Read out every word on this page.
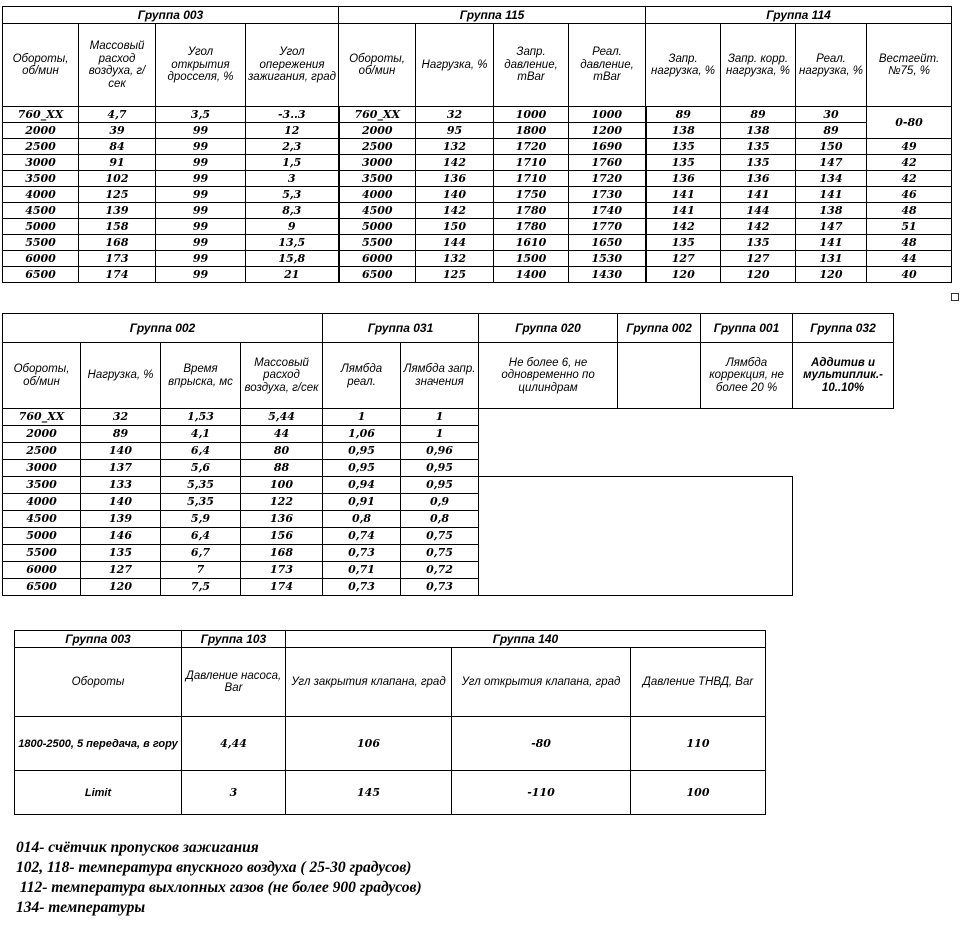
Группа 003				Группа 115				Группа 114			
Обороты, об/мин	Массовый расход воздуха, г/сек	Угол открытия дросселя, %	Угол опережения зажигания, град	Обороты, об/мин	Нагрузка, %	Запр. давление, mBar	Реал. давление, mBar	Запр. нагрузка, %	Запр. корр. нагрузка, %	Реал. нагрузка, %	Вестгейт. №75, %
760_XX	4,7	3,5	-3..3	760_XX	32	1000	1000	89	89	30	0-80
2000	39	99	12	2000	95	1800	1200	138	138	89	
2500	84	99	2,3	2500	132	1720	1690	135	135	150	49
3000	91	99	1,5	3000	142	1710	1760	135	135	147	42
3500	102	99	3	3500	136	1710	1720	136	136	134	42
4000	125	99	5,3	4000	140	1750	1730	141	141	141	46
4500	139	99	8,3	4500	142	1780	1740	141	144	138	48
5000	158	99	9	5000	150	1780	1770	142	142	147	51
5500	168	99	13,5	5500	144	1610	1650	135	135	141	48
6000	173	99	15,8	6000	132	1500	1530	127	127	131	44
6500	174	99	21	6500	125	1400	1430	120	120	120	40
Группа 002				Группа 031		Группа 020	Группа 002	Группа 001	Группа 032
Обороты, об/мин	Нагрузка, %	Время впрыска, мс	Массовый расход воздуха, г/сек	Лямбда реал.	Лямбда запр. значения	Не более 6, не одновременно по цилиндрам		Лямбда коррекция, не более 20 %	Аддитив и мультиплик.- 10..10%
760_XX	32	1,53	5,44	1	1				
2000	89	4,1	44	1,06	1				
2500	140	6,4	80	0,95	0,96				
3000	137	5,6	88	0,95	0,95				
3500	133	5,35	100	0,94	0,95				
4000	140	5,35	122	0,91	0,9				
4500	139	5,9	136	0,8	0,8				
5000	146	6,4	156	0,74	0,75				
5500	135	6,7	168	0,73	0,75				
6000	127	7	173	0,71	0,72				
6500	120	7,5	174	0,73	0,73				
Группа 003	Группа 103	Группа 140		
Обороты	Давление насоса, Bar	Угл закрытия клапана, град	Угл открытия клапана, град	Давление ТНВД, Bar
1800-2500, 5 передача, в гору	4,44	106	-80	110
Limit	3	145	-110	100
014- счётчик пропусков зажигания
102, 118- температура впускного воздуха ( 25-30 градусов)
112- температура выхлопных газов (не более 900 градусов)
134- температуры
